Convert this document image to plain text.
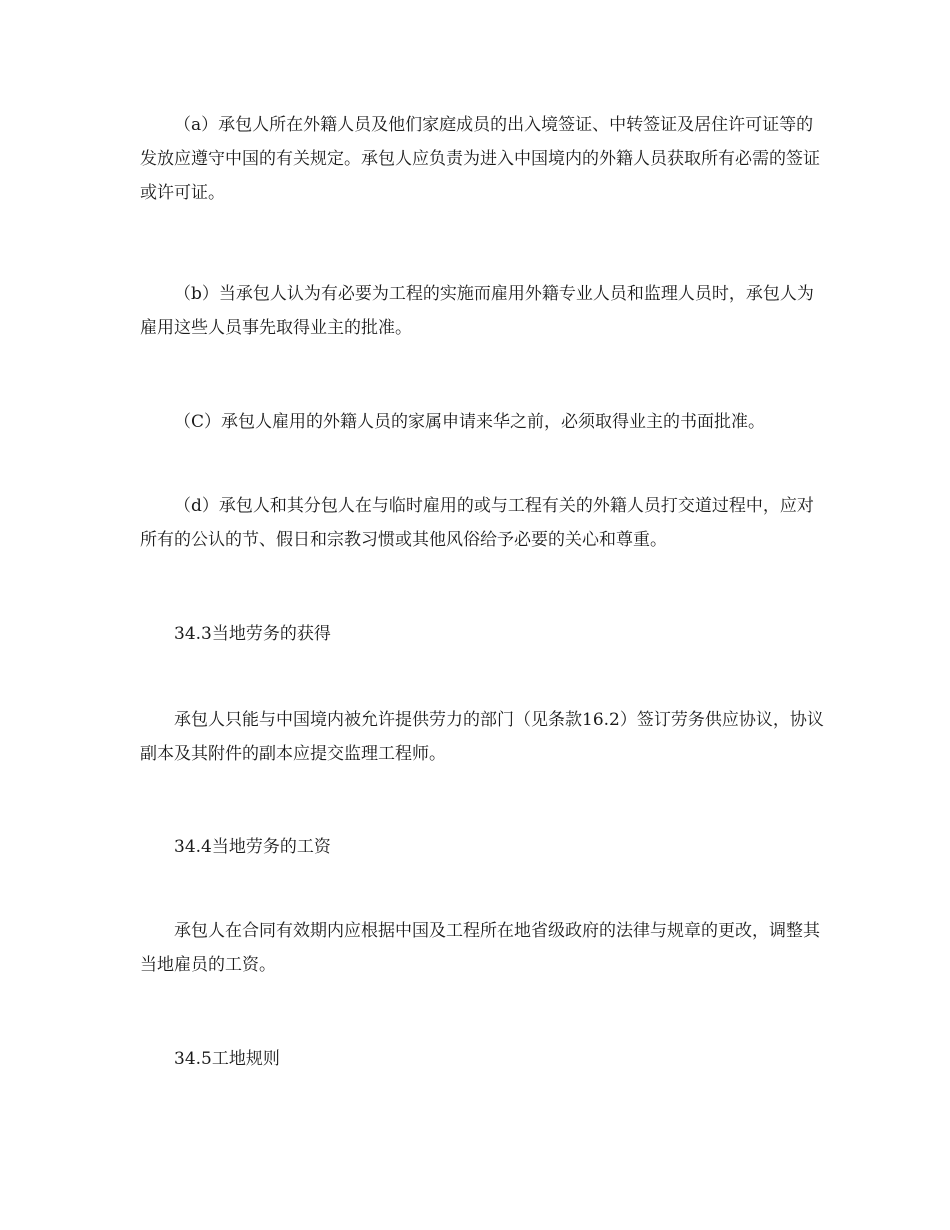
（a）承包人所在外籍人员及他们家庭成员的出入境签证、中转签证及居住许可证等的发放应遵守中国的有关规定。承包人应负责为进入中国境内的外籍人员获取所有必需的签证或许可证。

（b）当承包人认为有必要为工程的实施而雇用外籍专业人员和监理人员时，承包人为雇用这些人员事先取得业主的批准。

（C）承包人雇用的外籍人员的家属申请来华之前，必须取得业主的书面批准。

（d）承包人和其分包人在与临时雇用的或与工程有关的外籍人员打交道过程中，应对所有的公认的节、假日和宗教习惯或其他风俗给予必要的关心和尊重。

34.3当地劳务的获得

承包人只能与中国境内被允许提供劳力的部门（见条款16.2）签订劳务供应协议，协议副本及其附件的副本应提交监理工程师。

34.4当地劳务的工资

承包人在合同有效期内应根据中国及工程所在地省级政府的法律与规章的更改，调整其当地雇员的工资。

34.5工地规则
